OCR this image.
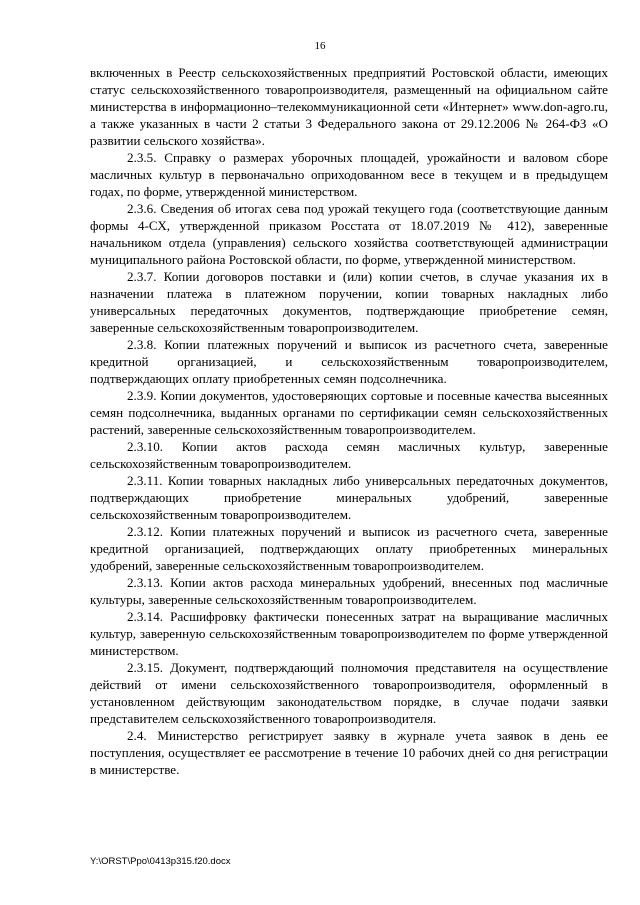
16

включенных в Реестр сельскохозяйственных предприятий Ростовской области, имеющих статус сельскохозяйственного товаропроизводителя, размещенный на официальном сайте министерства в информационно–телекоммуникационной сети «Интернет» www.don-agro.ru, а также указанных в части 2 статьи 3 Федерального закона от 29.12.2006 № 264-ФЗ «О развитии сельского хозяйства».

2.3.5. Справку о размерах уборочных площадей, урожайности и валовом сборе масличных культур в первоначально оприходованном весе в текущем и в предыдущем годах, по форме, утвержденной министерством.

2.3.6. Сведения об итогах сева под урожай текущего года (соответствующие данным формы 4-СХ, утвержденной приказом Росстата от 18.07.2019 № 412), заверенные начальником отдела (управления) сельского хозяйства соответствующей администрации муниципального района Ростовской области, по форме, утвержденной министерством.

2.3.7. Копии договоров поставки и (или) копии счетов, в случае указания их в назначении платежа в платежном поручении, копии товарных накладных либо универсальных передаточных документов, подтверждающие приобретение семян, заверенные сельскохозяйственным товаропроизводителем.

2.3.8. Копии платежных поручений и выписок из расчетного счета, заверенные кредитной организацией, и сельскохозяйственным товаропроизводителем, подтверждающих оплату приобретенных семян подсолнечника.

2.3.9. Копии документов, удостоверяющих сортовые и посевные качества высеянных семян подсолнечника, выданных органами по сертификации семян сельскохозяйственных растений, заверенные сельскохозяйственным товаропроизводителем.

2.3.10. Копии актов расхода семян масличных культур, заверенные сельскохозяйственным товаропроизводителем.

2.3.11. Копии товарных накладных либо универсальных передаточных документов, подтверждающих приобретение минеральных удобрений, заверенные сельскохозяйственным товаропроизводителем.

2.3.12. Копии платежных поручений и выписок из расчетного счета, заверенные кредитной организацией, подтверждающих оплату приобретенных минеральных удобрений, заверенные сельскохозяйственным товаропроизводителем.

2.3.13. Копии актов расхода минеральных удобрений, внесенных под масличные культуры, заверенные сельскохозяйственным товаропроизводителем.

2.3.14. Расшифровку фактически понесенных затрат на выращивание масличных культур, заверенную сельскохозяйственным товаропроизводителем по форме утвержденной министерством.

2.3.15. Документ, подтверждающий полномочия представителя на осуществление действий от имени сельскохозяйственного товаропроизводителя, оформленный в установленном действующим законодательством порядке, в случае подачи заявки представителем сельскохозяйственного товаропроизводителя.

2.4. Министерство регистрирует заявку в журнале учета заявок в день ее поступления, осуществляет ее рассмотрение в течение 10 рабочих дней со дня регистрации в министерстве.

Y:\ORST\Ppo\0413p315.f20.docx
